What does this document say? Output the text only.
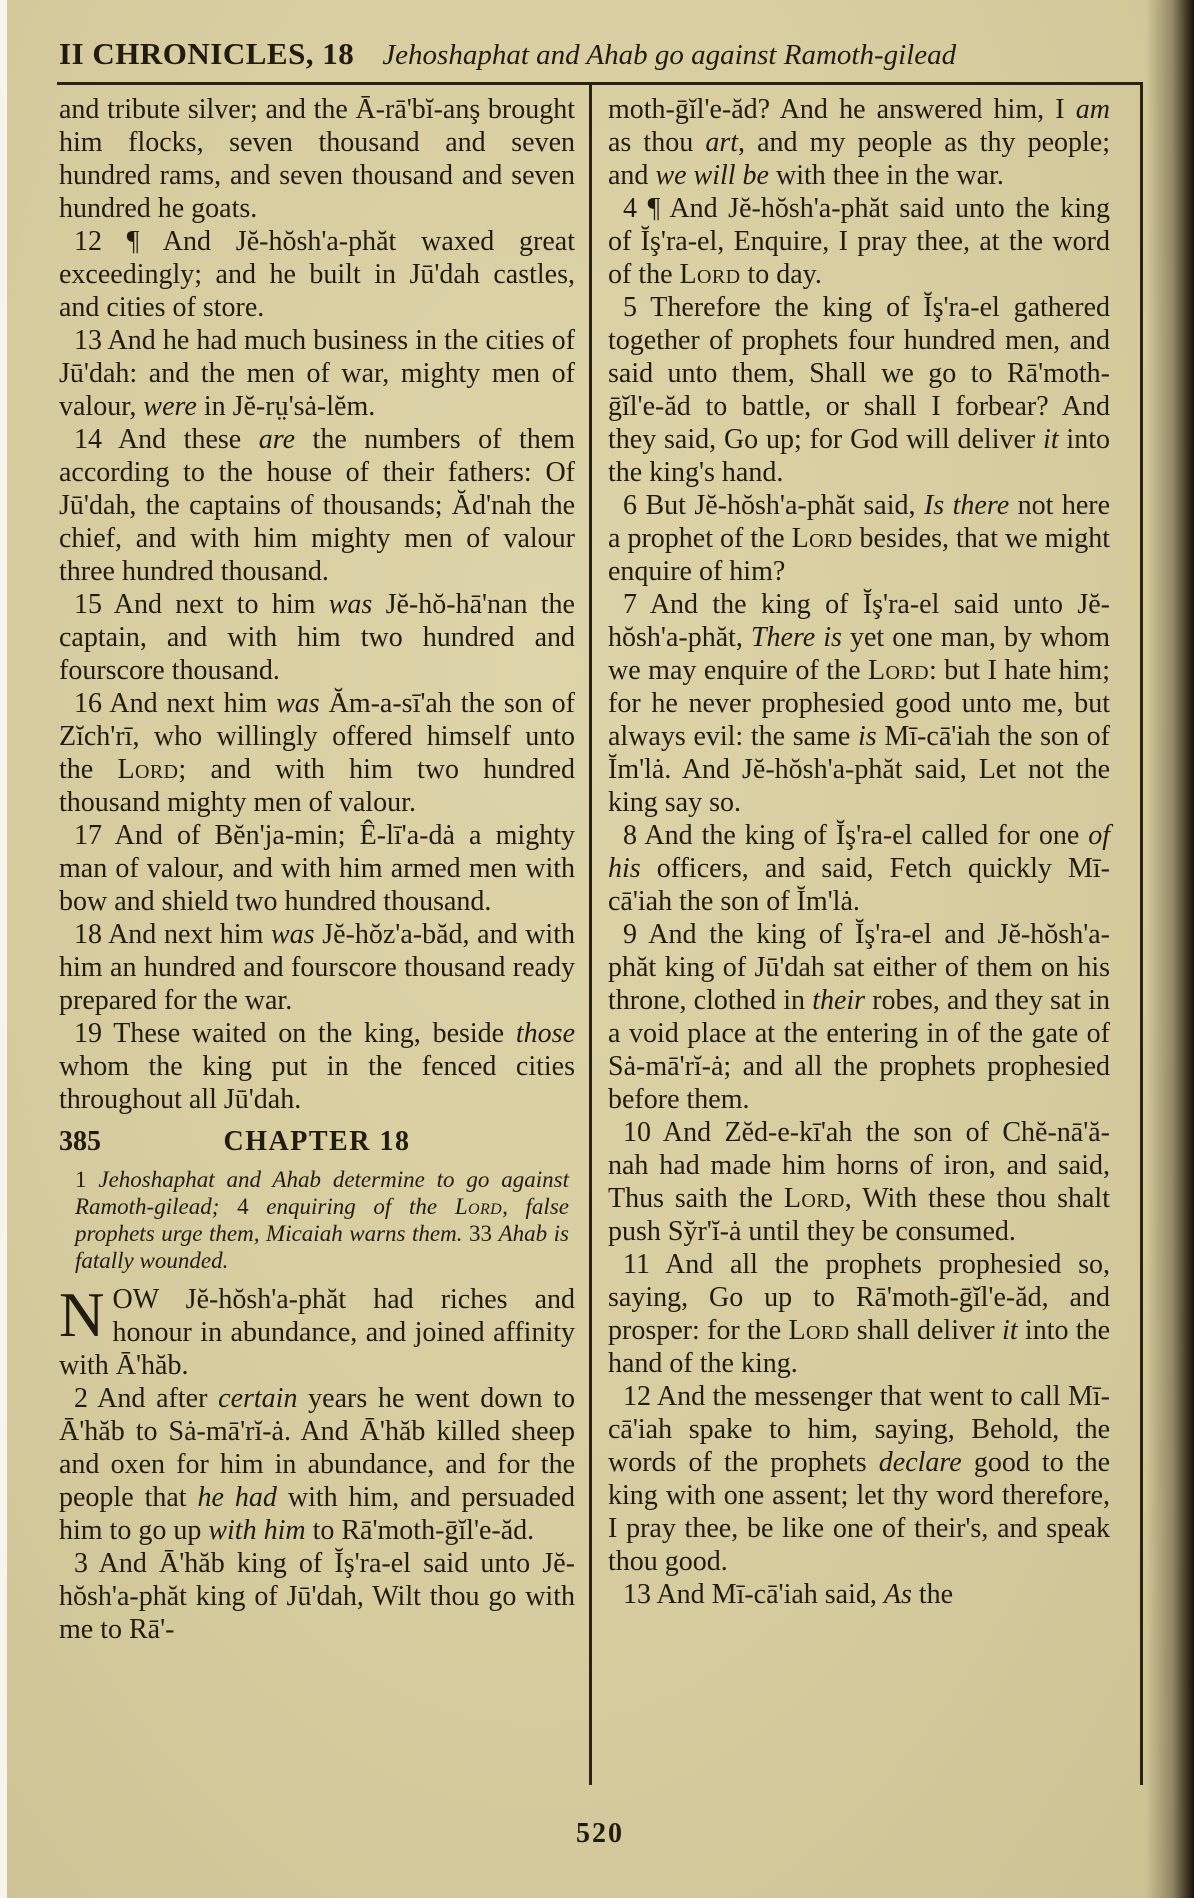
II CHRONICLES, 18 Jehoshaphat and Ahab go against Ramoth-gilead

and tribute silver; and the Ā-rā'bĭ-anş brought him flocks, seven thousand and seven hundred rams, and seven thousand and seven hundred he goats.

12 ¶ And Jĕ-hŏsh'a-phăt waxed great exceedingly; and he built in Jū'dah castles, and cities of store.

13 And he had much business in the cities of Jū'dah: and the men of war, mighty men of valour, were in Jĕ-rṳ'sȧ-lĕm.

14 And these are the numbers of them according to the house of their fathers: Of Jū'dah, the captains of thousands; Ăd'nah the chief, and with him mighty men of valour three hundred thousand.

15 And next to him was Jĕ-hŏ-hā'nan the captain, and with him two hundred and fourscore thousand.

16 And next him was Ăm-a-sī'ah the son of Zĭch'rī, who willingly offered himself unto the Lord; and with him two hundred thousand mighty men of valour.

17 And of Bĕn'ja-min; Ê-lī'a-dȧ a mighty man of valour, and with him armed men with bow and shield two hundred thousand.

18 And next him was Jĕ-hŏz'a-băd, and with him an hundred and fourscore thousand ready prepared for the war.

19 These waited on the king, beside those whom the king put in the fenced cities throughout all Jū'dah.

385	CHAPTER 18

1 Jehoshaphat and Ahab determine to go against Ramoth-gilead; 4 enquiring of the Lord, false prophets urge them, Micaiah warns them. 33 Ahab is fatally wounded.

NOW Jĕ-hŏsh'a-phăt had riches and honour in abundance, and joined affinity with Ā'hăb.

2 And after certain years he went down to Ā'hăb to Sȧ-mā'rĭ-ȧ. And Ā'hăb killed sheep and oxen for him in abundance, and for the people that he had with him, and persuaded him to go up with him to Rā'moth-ḡĭl'e-ăd.

3 And Ā'hăb king of Ĭş'ra-el said unto Jĕ-hŏsh'a-phăt king of Jū'dah, Wilt thou go with me to Rā'-

moth-ḡĭl'e-ăd? And he answered him, I am as thou art, and my people as thy people; and we will be with thee in the war.

4 ¶ And Jĕ-hŏsh'a-phăt said unto the king of Ĭş'ra-el, Enquire, I pray thee, at the word of the Lord to day.

5 Therefore the king of Ĭş'ra-el gathered together of prophets four hundred men, and said unto them, Shall we go to Rā'moth-ḡĭl'e-ăd to battle, or shall I forbear? And they said, Go up; for God will deliver it into the king's hand.

6 But Jĕ-hŏsh'a-phăt said, Is there not here a prophet of the Lord besides, that we might enquire of him?

7 And the king of Ĭş'ra-el said unto Jĕ-hŏsh'a-phăt, There is yet one man, by whom we may enquire of the Lord: but I hate him; for he never prophesied good unto me, but always evil: the same is Mī-cā'iah the son of Ĭm'lȧ. And Jĕ-hŏsh'a-phăt said, Let not the king say so.

8 And the king of Ĭş'ra-el called for one of his officers, and said, Fetch quickly Mī-cā'iah the son of Ĭm'lȧ.

9 And the king of Ĭş'ra-el and Jĕ-hŏsh'a-phăt king of Jū'dah sat either of them on his throne, clothed in their robes, and they sat in a void place at the entering in of the gate of Sȧ-mā'rĭ-ȧ; and all the prophets prophesied before them.

10 And Zĕd-e-kī'ah the son of Chĕ-nā'ă-nah had made him horns of iron, and said, Thus saith the Lord, With these thou shalt push Sy̆r'ĭ-ȧ until they be consumed.

11 And all the prophets prophesied so, saying, Go up to Rā'moth-ḡĭl'e-ăd, and prosper: for the Lord shall deliver it into the hand of the king.

12 And the messenger that went to call Mī-cā'iah spake to him, saying, Behold, the words of the prophets declare good to the king with one assent; let thy word therefore, I pray thee, be like one of their's, and speak thou good.

13 And Mī-cā'iah said, As the

520
